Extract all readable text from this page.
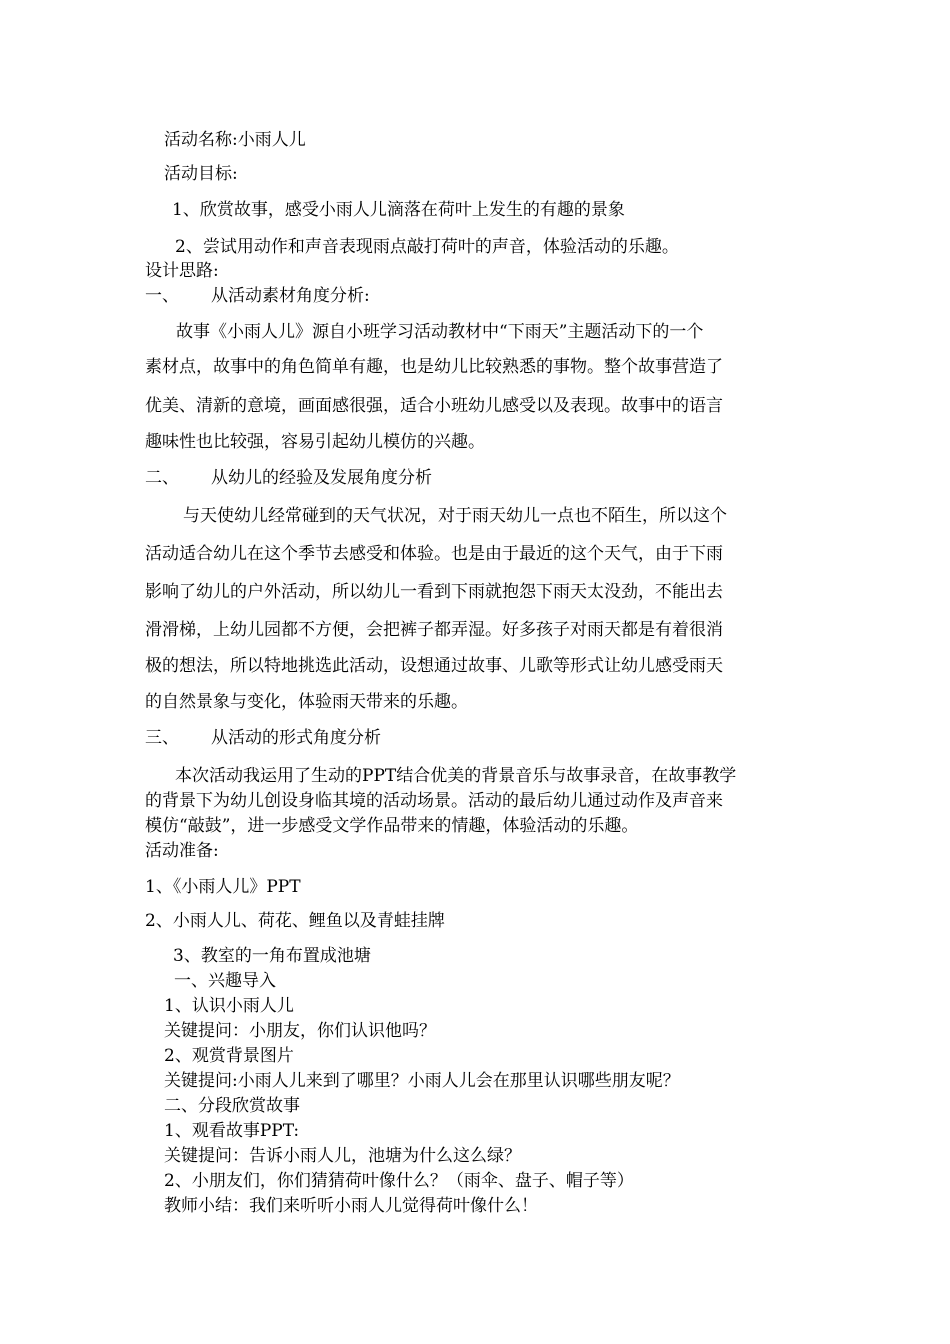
活动名称:小雨人儿
活动目标:
1、欣赏故事，感受小雨人儿滴落在荷叶上发生的有趣的景象
2、尝试用动作和声音表现雨点敲打荷叶的声音，体验活动的乐趣。
设计思路:
一、 从活动素材角度分析:
故事《小雨人儿》源自小班学习活动教材中“下雨天”主题活动下的一个
素材点，故事中的角色简单有趣，也是幼儿比较熟悉的事物。整个故事营造了
优美、清新的意境，画面感很强，适合小班幼儿感受以及表现。故事中的语言
趣味性也比较强，容易引起幼儿模仿的兴趣。
二、 从幼儿的经验及发展角度分析
与天使幼儿经常碰到的天气状况，对于雨天幼儿一点也不陌生，所以这个
活动适合幼儿在这个季节去感受和体验。也是由于最近的这个天气，由于下雨
影响了幼儿的户外活动，所以幼儿一看到下雨就抱怨下雨天太没劲，不能出去
滑滑梯，上幼儿园都不方便，会把裤子都弄湿。好多孩子对雨天都是有着很消
极的想法，所以特地挑选此活动，设想通过故事、儿歌等形式让幼儿感受雨天
的自然景象与变化，体验雨天带来的乐趣。
三、 从活动的形式角度分析
本次活动我运用了生动的PPT结合优美的背景音乐与故事录音，在故事教学
的背景下为幼儿创设身临其境的活动场景。活动的最后幼儿通过动作及声音来
模仿“敲鼓”，进一步感受文学作品带来的情趣，体验活动的乐趣。
活动准备:
1、《小雨人儿》PPT
2、小雨人儿、荷花、鲤鱼以及青蛙挂牌
3、教室的一角布置成池塘
一、兴趣导入
1、认识小雨人儿
关键提问：小朋友，你们认识他吗？
2、观赏背景图片
关键提问:小雨人儿来到了哪里？小雨人儿会在那里认识哪些朋友呢？
二、分段欣赏故事
1、观看故事PPT:
关键提问：告诉小雨人儿，池塘为什么这么绿？
2、小朋友们，你们猜猜荷叶像什么？（雨伞、盘子、帽子等）
教师小结：我们来听听小雨人儿觉得荷叶像什么！
